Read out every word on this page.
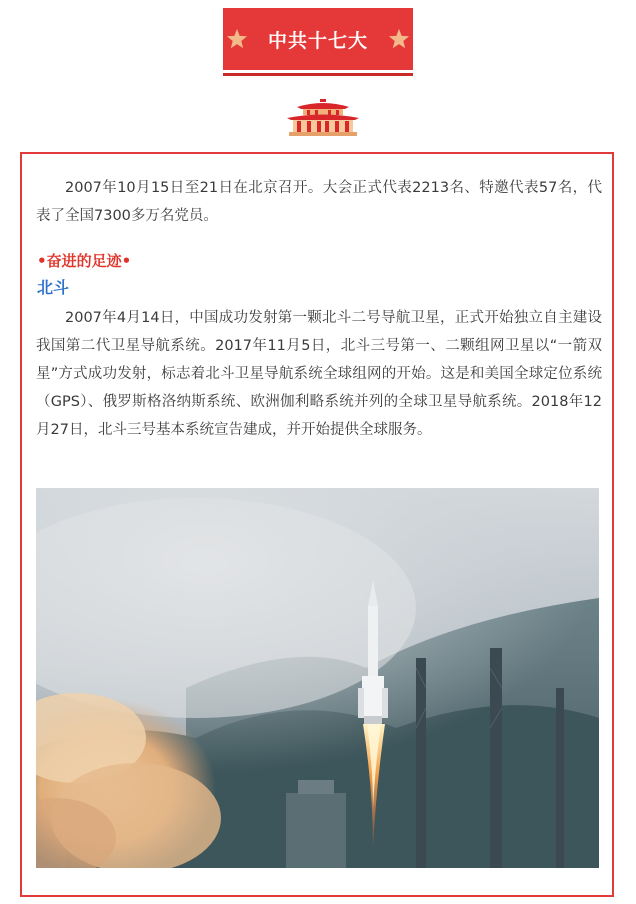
中共十七大

2007年10月15日至21日在北京召开。大会正式代表2213名、特邀代表57名，代表了全国7300多万名党员。

•奋进的足迹•

北斗

2007年4月14日，中国成功发射第一颗北斗二号导航卫星，正式开始独立自主建设我国第二代卫星导航系统。2017年11月5日，北斗三号第一、二颗组网卫星以“一箭双星”方式成功发射，标志着北斗卫星导航系统全球组网的开始。这是和美国全球定位系统（GPS）、俄罗斯格洛纳斯系统、欧洲伽利略系统并列的全球卫星导航系统。2018年12月27日，北斗三号基本系统宣告建成，并开始提供全球服务。
